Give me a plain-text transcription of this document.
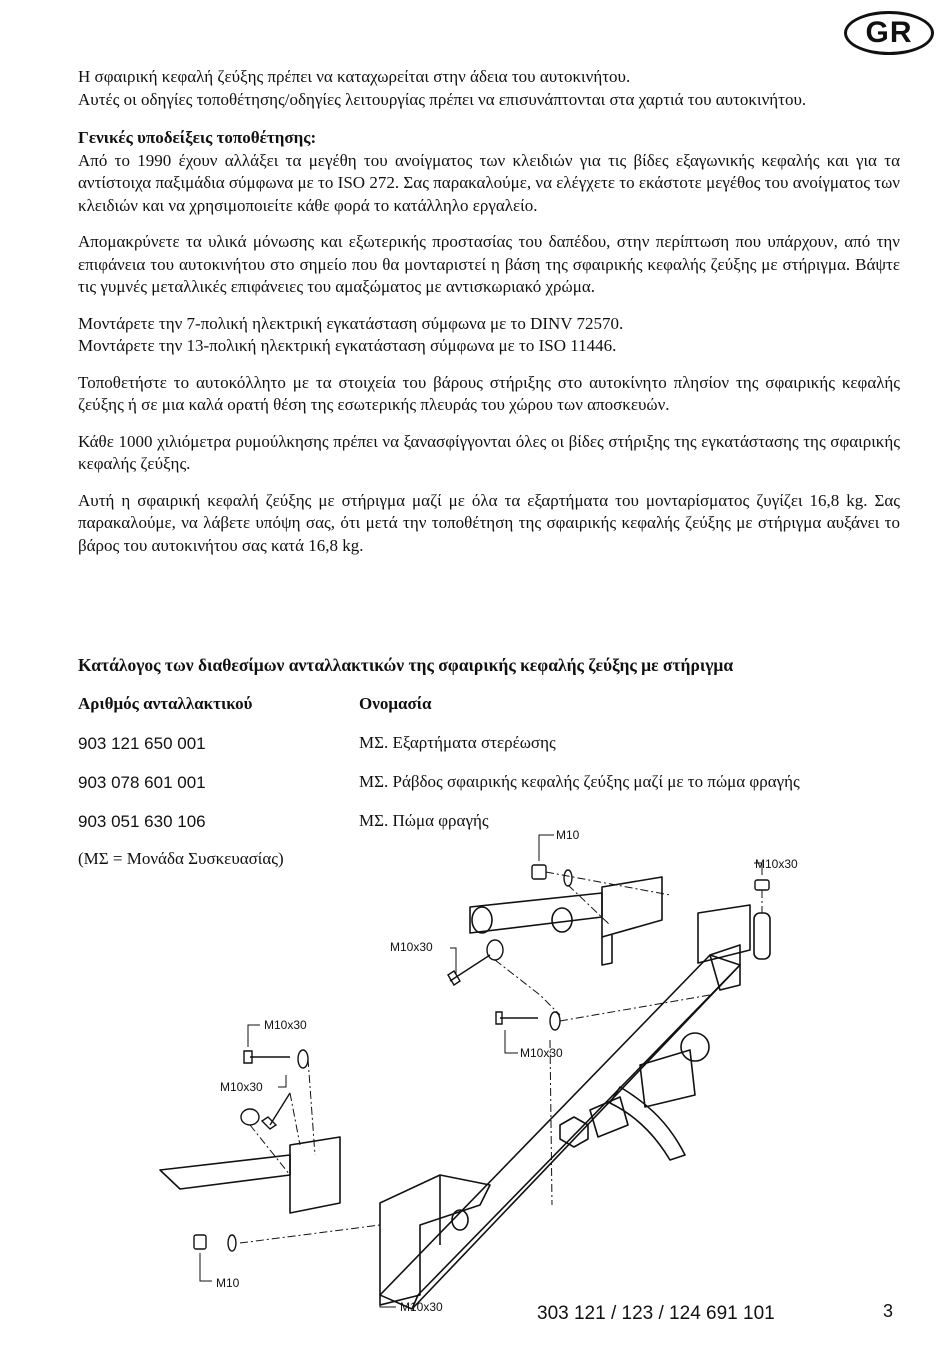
GR

Η σφαιρική κεφαλή ζεύξης πρέπει να καταχωρείται στην άδεια του αυτοκινήτου.

Αυτές οι οδηγίες τοποθέτησης/οδηγίες λειτουργίας πρέπει να επισυνάπτονται στα χαρτιά του αυτοκινήτου.

Γενικές υποδείξεις τοποθέτησης:

Από το 1990 έχουν αλλάξει τα μεγέθη του ανοίγματος των κλειδιών για τις βίδες εξαγωνικής κεφαλής και για τα αντίστοιχα παξιμάδια σύμφωνα με το ISO 272. Σας παρακαλούμε, να ελέγχετε το εκάστοτε μεγέθος του ανοίγματος των κλειδιών και να χρησιμοποιείτε κάθε φορά το κατάλληλο εργαλείο.

Απομακρύνετε τα υλικά μόνωσης και εξωτερικής προστασίας του δαπέδου, στην περίπτωση που υπάρχουν, από την επιφάνεια του αυτοκινήτου στο σημείο που θα μονταριστεί η βάση της σφαιρικής κεφαλής ζεύξης με στήριγμα. Βάψτε τις γυμνές μεταλλικές επιφάνειες του αμαξώματος με αντισκωριακό χρώμα.

Μοντάρετε την 7-πολική ηλεκτρική εγκατάσταση σύμφωνα με το DINV 72570.

Μοντάρετε την 13-πολική ηλεκτρική εγκατάσταση σύμφωνα με το ISO 11446.

Τοποθετήστε το αυτοκόλλητο με τα στοιχεία του βάρους στήριξης στο αυτοκίνητο πλησίον της σφαιρικής κεφαλής ζεύξης ή σε μια καλά ορατή θέση της εσωτερικής πλευράς του χώρου των αποσκευών.

Κάθε 1000 χιλιόμετρα ρυμούλκησης πρέπει να ξανασφίγγονται όλες οι βίδες στήριξης της εγκατάστασης της σφαιρικής κεφαλής ζεύξης.

Αυτή η σφαιρική κεφαλή ζεύξης με στήριγμα μαζί με όλα τα εξαρτήματα του μονταρίσματος ζυγίζει 16,8 kg. Σας παρακαλούμε, να λάβετε υπόψη σας, ότι μετά την τοποθέτηση της σφαιρικής κεφαλής ζεύξης με στήριγμα αυξάνει το βάρος του αυτοκινήτου σας κατά 16,8 kg.

Κατάλογος των διαθεσίμων ανταλλακτικών της σφαιρικής κεφαλής ζεύξης με στήριγμα
Αριθμός ανταλλακτικού	Ονομασία
903 121 650 001	ΜΣ. Εξαρτήματα στερέωσης
903 078 601 001	ΜΣ. Ράβδος σφαιρικής κεφαλής ζεύξης μαζί με το πώμα φραγής
903 051 630 106	ΜΣ. Πώμα φραγής
(ΜΣ = Μονάδα Συσκευασίας)
M10
M10x30
M10x30
M10x30
M10x30
M10x30
M10
M10x30	303 121 / 123 / 124 691 101	3
